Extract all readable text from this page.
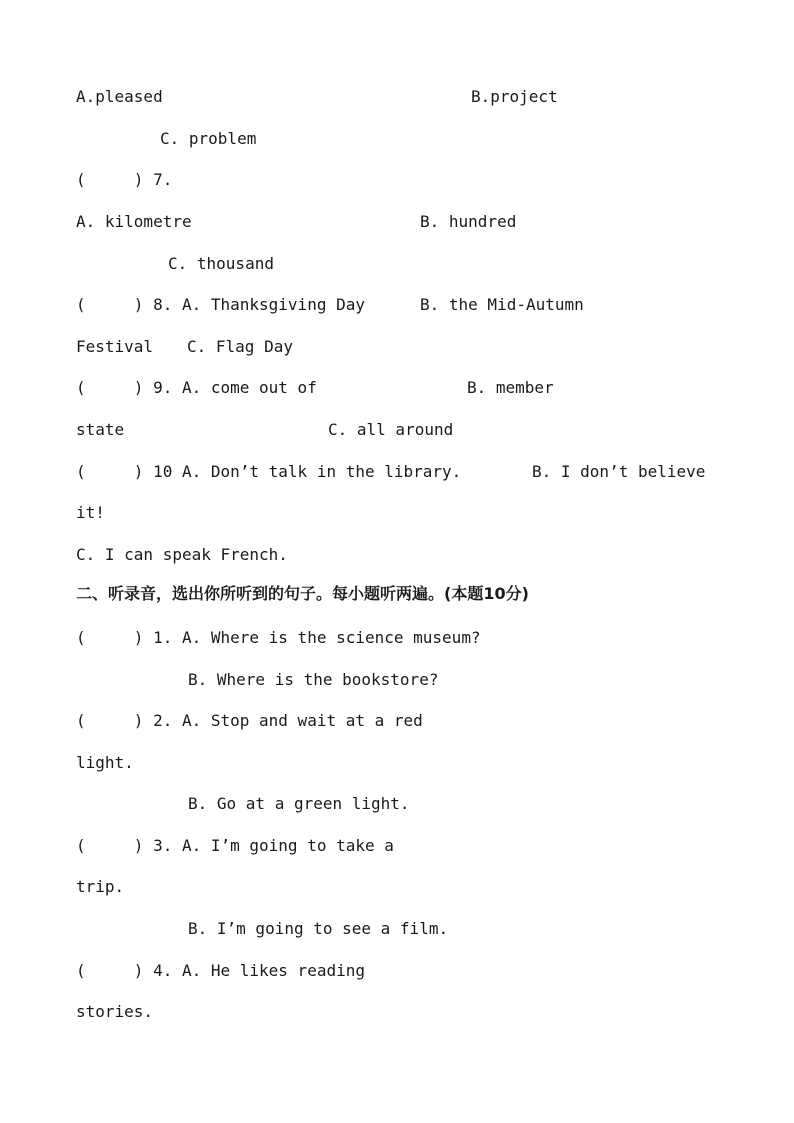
A.pleased	B.project
C. problem
(     ) 7.
A. kilometre	B. hundred
C. thousand
(     ) 8. A. Thanksgiving Day	B. the Mid-Autumn
Festival C. Flag Day
(     ) 9. A. come out of	B. member
state	C. all around
(     ) 10 A. Don’t talk in the library.	B. I don’t believe
it!
C. I can speak French.
二、听录音，选出你所听到的句子。每小题听两遍。(本题10分)
(     ) 1. A. Where is the science museum?
B. Where is the bookstore?
(     ) 2. A. Stop and wait at a red
light.
B. Go at a green light.
(     ) 3. A. I’m going to take a
trip.
B. I’m going to see a film.
(     ) 4. A. He likes reading
stories.
